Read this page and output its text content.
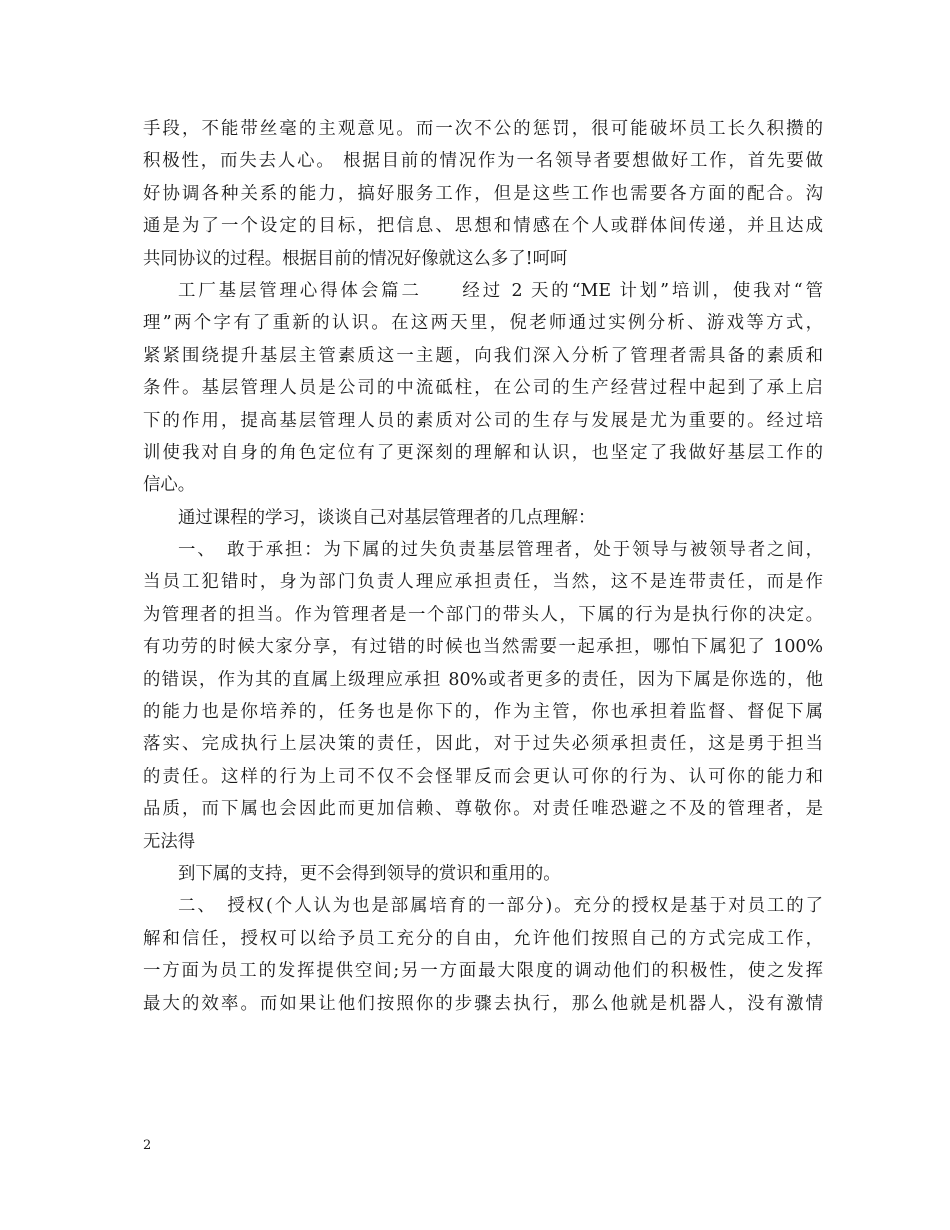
手段，不能带丝毫的主观意见。而一次不公的惩罚，很可能破坏员工长久积攒的
积极性，而失去人心。 根据目前的情况作为一名领导者要想做好工作，首先要做
好协调各种关系的能力，搞好服务工作，但是这些工作也需要各方面的配合。沟
通是为了一个设定的目标，把信息、思想和情感在个人或群体间传递，并且达成
共同协议的过程。根据目前的情况好像就这么多了!呵呵
工厂基层管理心得体会篇二　　经过 2 天的“ME 计划”培训，使我对“管
理”两个字有了重新的认识。在这两天里，倪老师通过实例分析、游戏等方式，
紧紧围绕提升基层主管素质这一主题，向我们深入分析了管理者需具备的素质和
条件。基层管理人员是公司的中流砥柱，在公司的生产经营过程中起到了承上启
下的作用，提高基层管理人员的素质对公司的生存与发展是尤为重要的。经过培
训使我对自身的角色定位有了更深刻的理解和认识，也坚定了我做好基层工作的
信心。
通过课程的学习，谈谈自己对基层管理者的几点理解：
一、　敢于承担：为下属的过失负责基层管理者，处于领导与被领导者之间，
当员工犯错时，身为部门负责人理应承担责任，当然，这不是连带责任，而是作
为管理者的担当。作为管理者是一个部门的带头人，下属的行为是执行你的决定。
有功劳的时候大家分享，有过错的时候也当然需要一起承担，哪怕下属犯了 100%
的错误，作为其的直属上级理应承担 80%或者更多的责任，因为下属是你选的，他
的能力也是你培养的，任务也是你下的，作为主管，你也承担着监督、督促下属
落实、完成执行上层决策的责任，因此，对于过失必须承担责任，这是勇于担当
的责任。这样的行为上司不仅不会怪罪反而会更认可你的行为、认可你的能力和
品质，而下属也会因此而更加信赖、尊敬你。对责任唯恐避之不及的管理者，是
无法得
到下属的支持，更不会得到领导的赏识和重用的。
二、　授权(个人认为也是部属培育的一部分)。充分的授权是基于对员工的了
解和信任，授权可以给予员工充分的自由，允许他们按照自己的方式完成工作，
一方面为员工的发挥提供空间;另一方面最大限度的调动他们的积极性，使之发挥
最大的效率。而如果让他们按照你的步骤去执行，那么他就是机器人，没有激情
2
